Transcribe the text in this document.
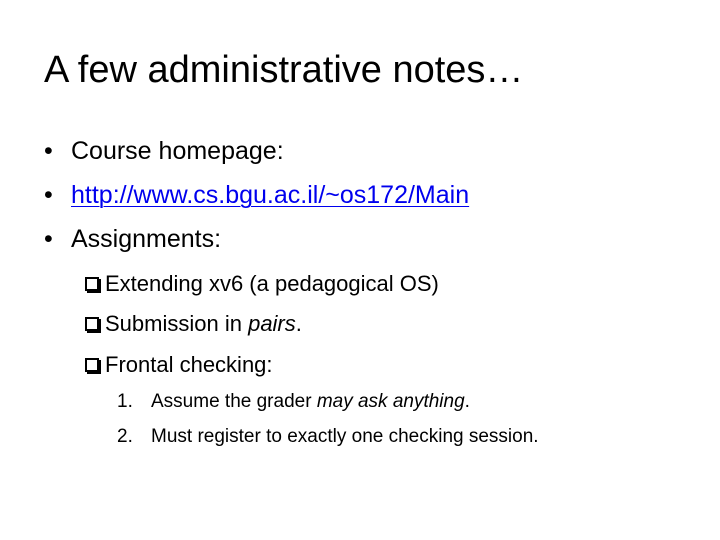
A few administrative notes…
• Course homepage:
• http://www.cs.bgu.ac.il/~os172/Main
• Assignments:
Extending xv6 (a pedagogical OS)
Submission in pairs.
Frontal checking:
1. Assume the grader may ask anything.
2. Must register to exactly one checking session.
